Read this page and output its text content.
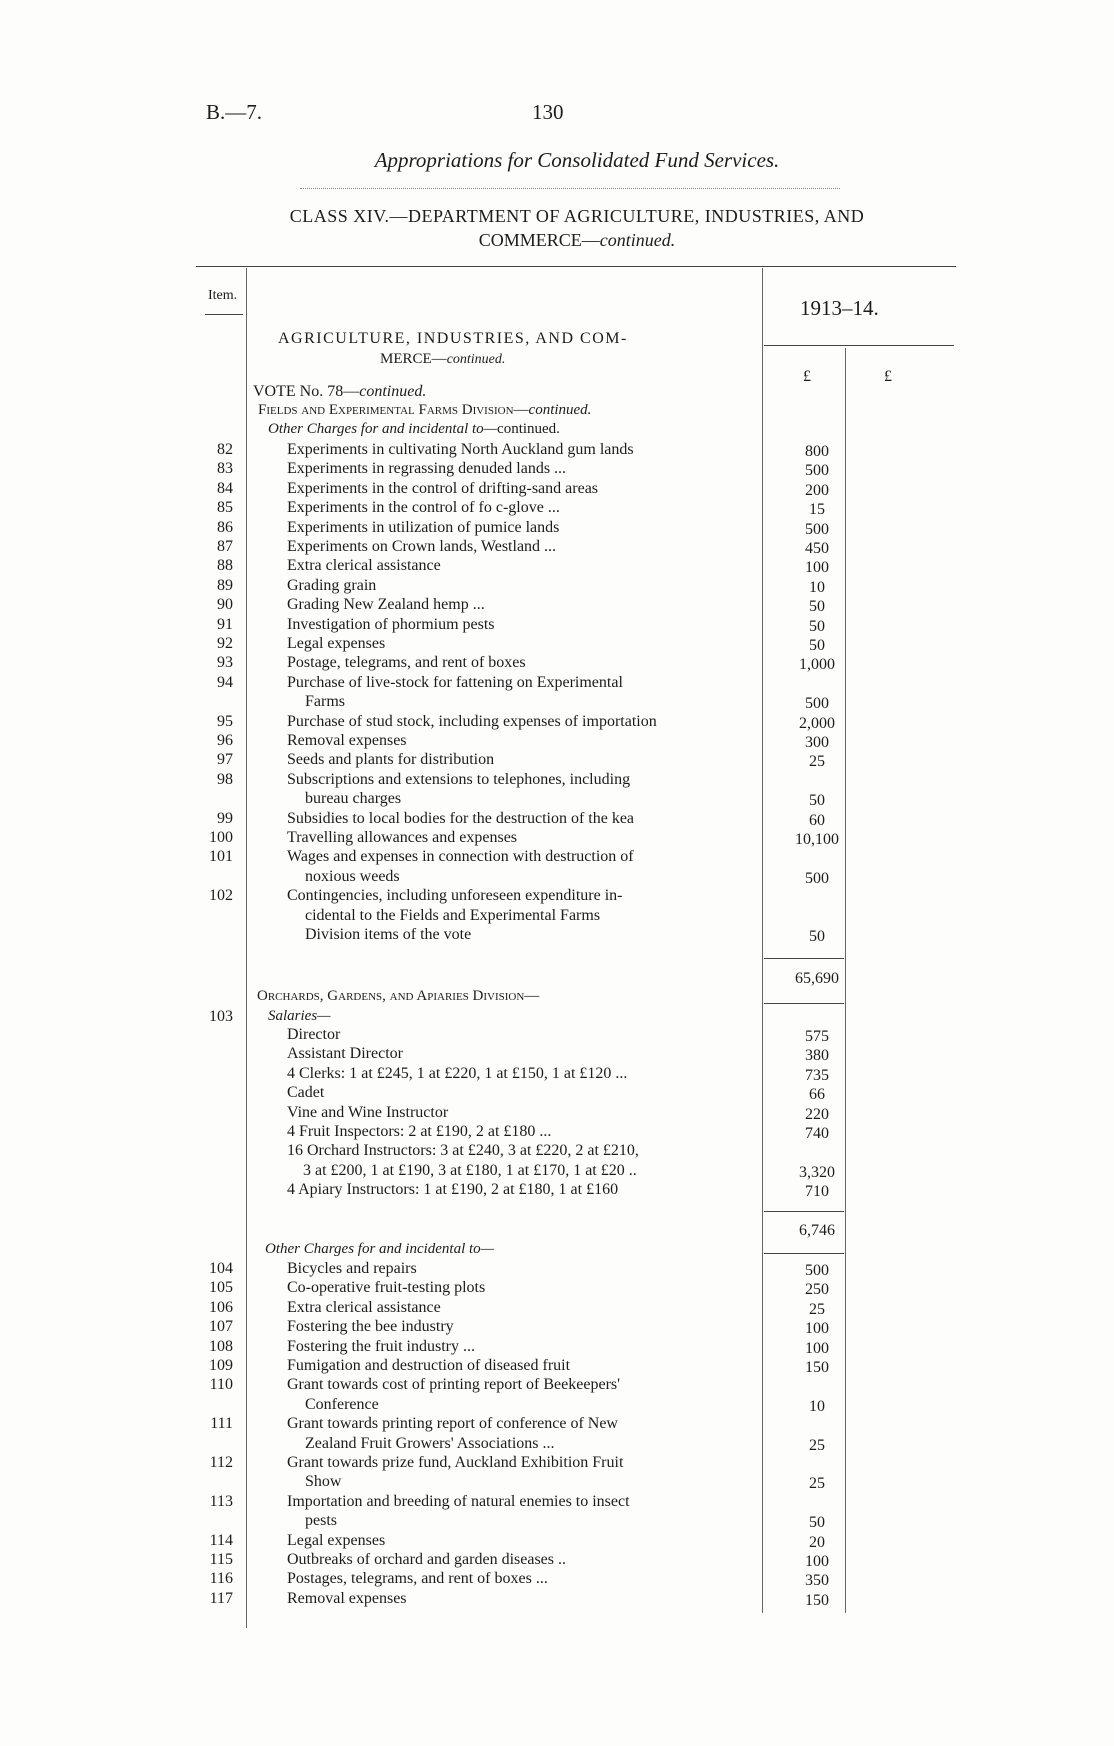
B.—7.	130
Appropriations for Consolidated Fund Services.
CLASS XIV.—DEPARTMENT OF AGRICULTURE, INDUSTRIES, AND
COMMERCE—continued.
Item.
1913–14.
£	£
AGRICULTURE, INDUSTRIES, AND COM-
MERCE—continued.
VOTE No. 78—continued.
Fields and Experimental Farms Division—continued.
Other Charges for and incidental to—continued.
82	Experiments in cultivating North Auckland gum lands	800
83	Experiments in regrassing denuded lands ...	500
84	Experiments in the control of drifting-sand areas	200
85	Experiments in the control of fo c-glove ...	15
86	Experiments in utilization of pumice lands	500
87	Experiments on Crown lands, Westland ...	450
88	Extra clerical assistance	100
89	Grading grain	10
90	Grading New Zealand hemp ...	50
91	Investigation of phormium pests	50
92	Legal expenses	50
93	Postage, telegrams, and rent of boxes	1,000
94	Purchase of live-stock for fattening on Experimental
Farms	500
95	Purchase of stud stock, including expenses of importation	2,000
96	Removal expenses	300
97	Seeds and plants for distribution	25
98	Subscriptions and extensions to telephones, including
bureau charges	50
99	Subsidies to local bodies for the destruction of the kea	60
100	Travelling allowances and expenses	10,100
101	Wages and expenses in connection with destruction of
noxious weeds	500
102	Contingencies, including unforeseen expenditure in-
cidental to the Fields and Experimental Farms
Division items of the vote	50
65,690
Orchards, Gardens, and Apiaries Division—
103 Salaries—
Director	575
Assistant Director	380
4 Clerks: 1 at £245, 1 at £220, 1 at £150, 1 at £120 ...	735
Cadet	66
Vine and Wine Instructor	220
4 Fruit Inspectors: 2 at £190, 2 at £180 ...	740
16 Orchard Instructors: 3 at £240, 3 at £220, 2 at £210,
3 at £200, 1 at £190, 3 at £180, 1 at £170, 1 at £20 ..	3,320
4 Apiary Instructors: 1 at £190, 2 at £180, 1 at £160	710
6,746
Other Charges for and incidental to—
104	Bicycles and repairs	500
105	Co-operative fruit-testing plots	250
106	Extra clerical assistance	25
107	Fostering the bee industry	100
108	Fostering the fruit industry ...	100
109	Fumigation and destruction of diseased fruit	150
110	Grant towards cost of printing report of Beekeepers'
Conference	10
111	Grant towards printing report of conference of New
Zealand Fruit Growers' Associations ...	25
112	Grant towards prize fund, Auckland Exhibition Fruit
Show	25
113	Importation and breeding of natural enemies to insect
pests	50
114	Legal expenses	20
115	Outbreaks of orchard and garden diseases ..	100
116	Postages, telegrams, and rent of boxes ...	350
117	Removal expenses	150
